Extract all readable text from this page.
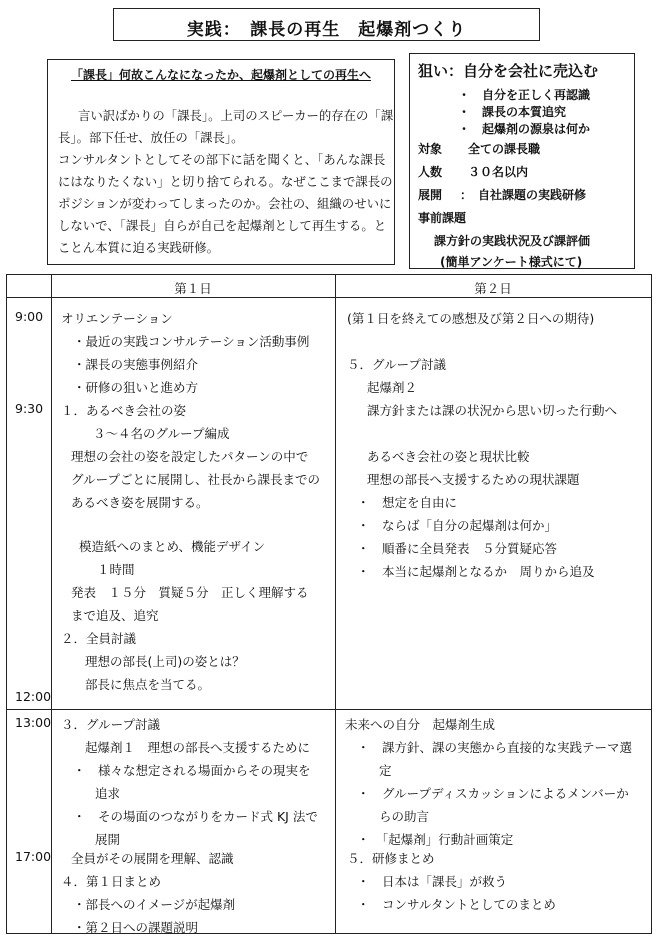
実践：　課長の再生　起爆剤つくり
「課長」何故こんなになったか、起爆剤としての再生へ
言い訳ばかりの「課長」。上司のスピーカー的存在の「課
長」。部下任せ、放任の「課長」。
コンサルタントとしてその部下に話を聞くと、「あんな課長
にはなりたくない」と切り捨てられる。なぜここまで課長の
ポジションが変わってしまったのか。会社の、組織のせいに
しないで、「課長」自らが自己を起爆剤として再生する。と
ことん本質に迫る実践研修。
狙い：自分を会社に売込む
・　自分を正しく再認識
・　課長の本質追究
・　起爆剤の源泉は何か
対象 全ての課長職
人数 ３０名以内
展開 ：　自社課題の実践研修
事前課題
課方針の実践状況及び課評価
(簡単アンケート様式にて)
第１日	第２日
9:00
9:30
12:00
13:00
17:00
オリエンテーション
・最近の実践コンサルテーション活動事例
・課長の実態事例紹介
・研修の狙いと進め方
１．あるべき会社の姿
３～４名のグループ編成
理想の会社の姿を設定したパターンの中で
グループごとに展開し、社長から課長までの
あるべき姿を展開する。
模造紙へのまとめ、機能デザイン
１時間
発表　１５分　質疑５分　正しく理解する
まで追及、追究
２．全員討議
理想の部長(上司)の姿とは？
部長に焦点を当てる。
３．グループ討議
起爆剤１　理想の部長へ支援するために
・　様々な想定される場面からその現実を
追求
・　その場面のつながりをカード式 KJ 法で
展開
全員がその展開を理解、認識
４．第１日まとめ
・部長へのイメージが起爆剤
・第２日への課題説明
(第１日を終えての感想及び第２日への期待)
５．グループ討議
起爆剤２
課方針または課の状況から思い切った行動へ
あるべき会社の姿と現状比較
理想の部長へ支援するための現状課題
・　想定を自由に
・　ならば「自分の起爆剤は何か」
・　順番に全員発表　５分質疑応答
・　本当に起爆剤となるか　周りから追及
未来への自分　起爆剤生成
・　課方針、課の実態から直接的な実践テーマ選
定
・　グループディスカッションによるメンバーか
らの助言
・　「起爆剤」行動計画策定
５．研修まとめ
・　日本は「課長」が救う
・　コンサルタントとしてのまとめ
